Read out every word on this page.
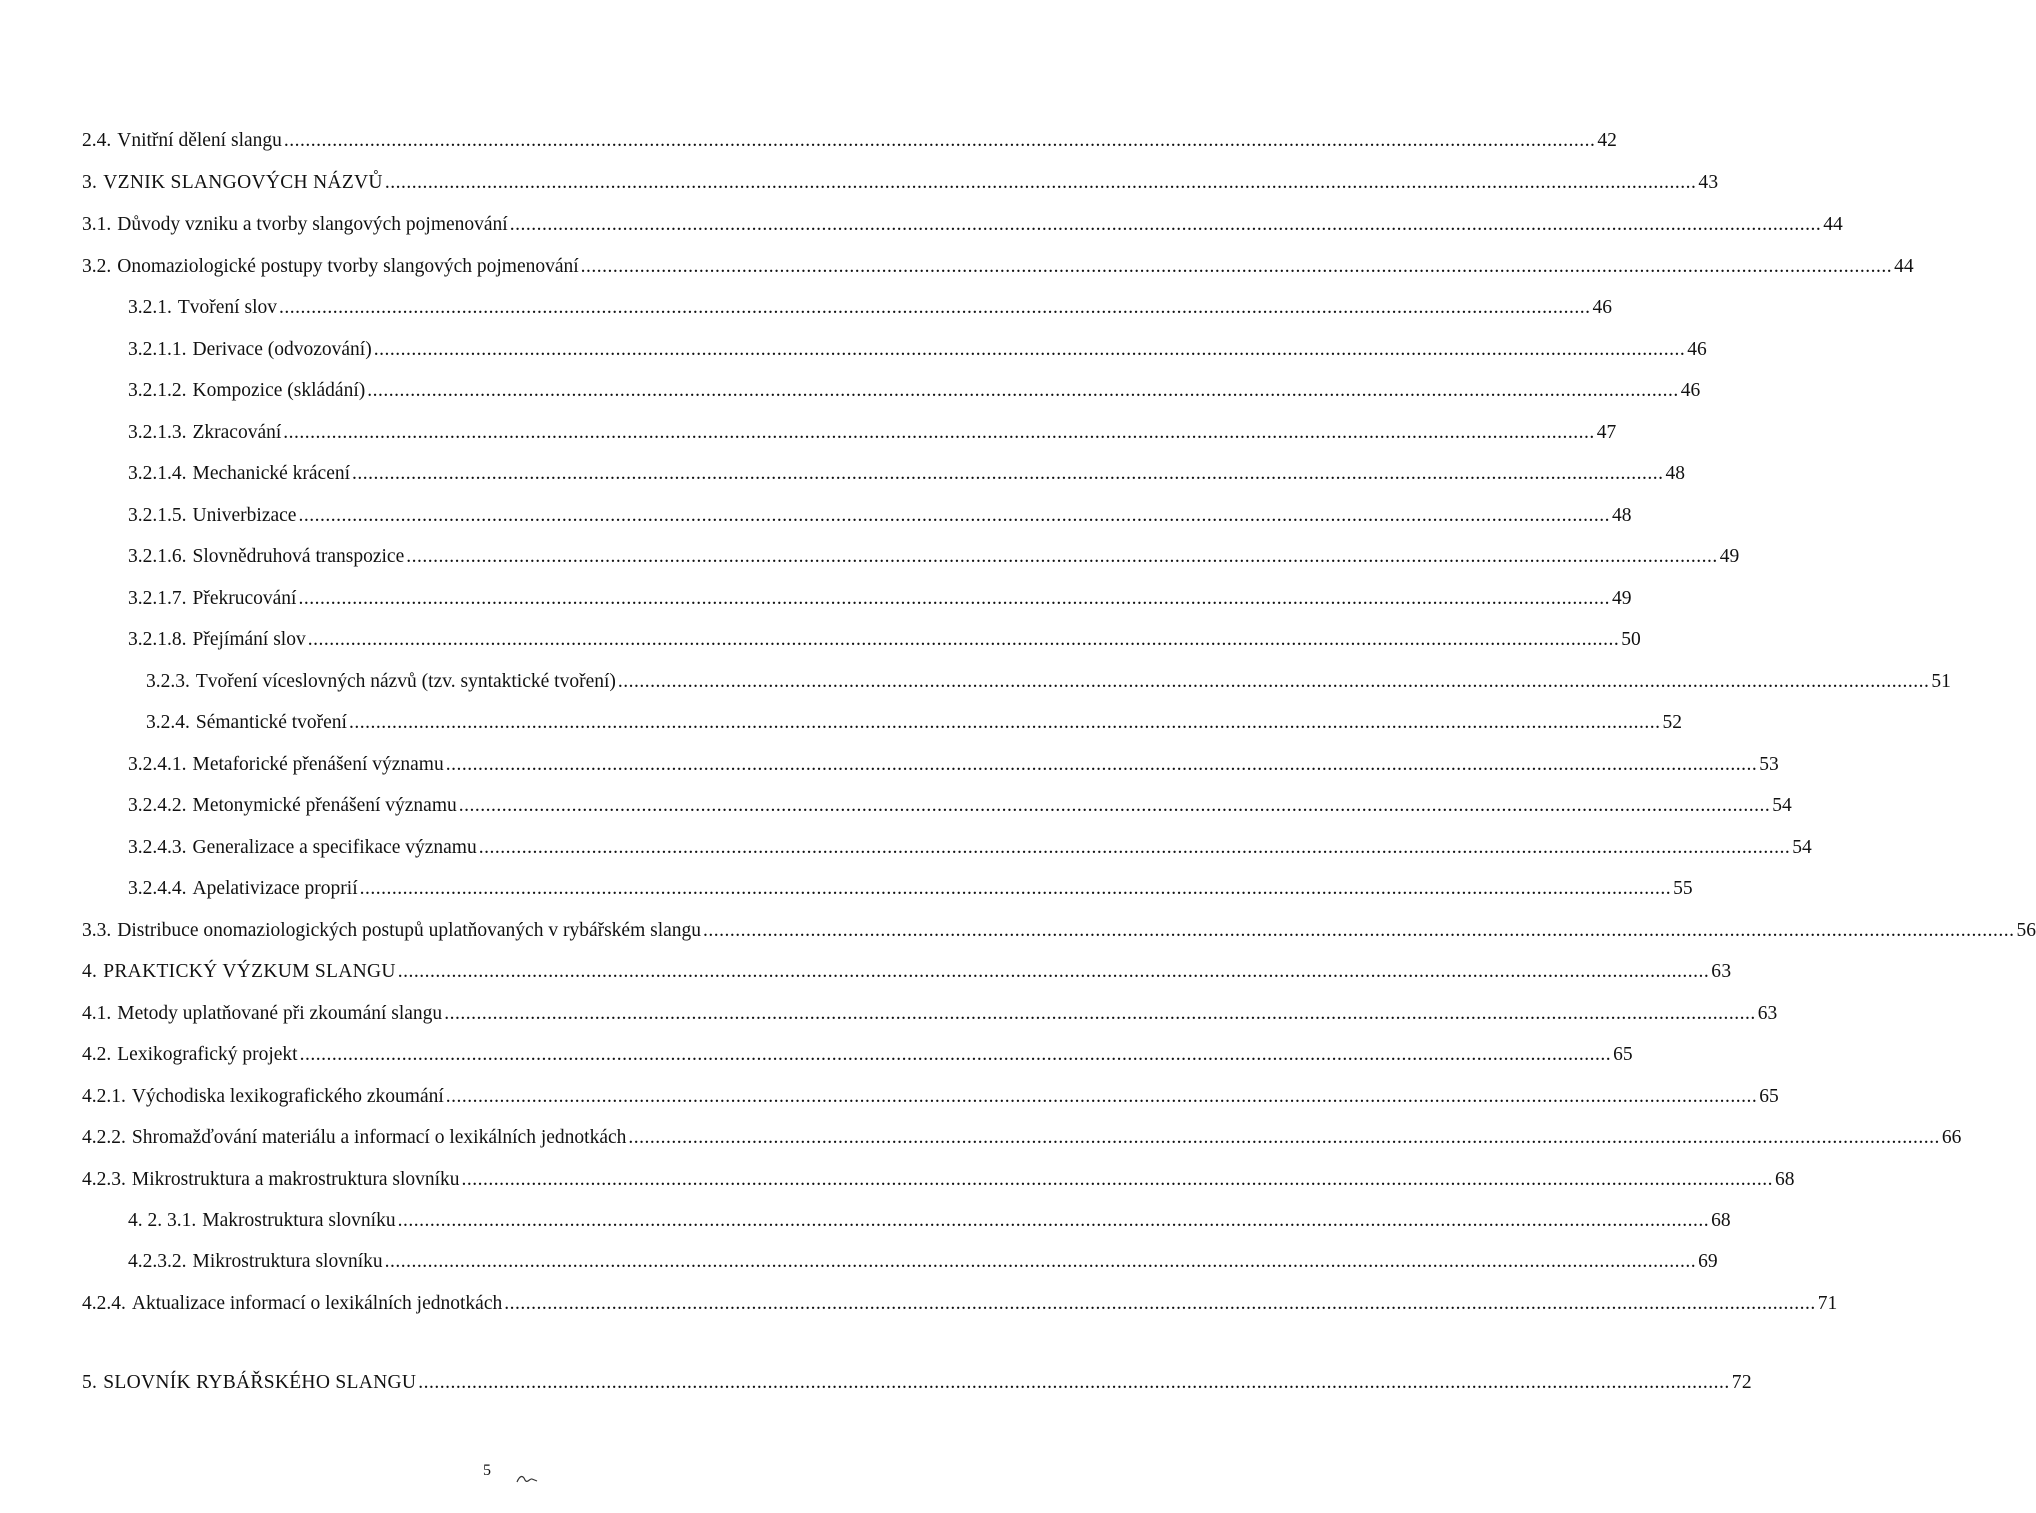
2.4. Vnitřní dělení slangu .....	42
3. VZNIK SLANGOVÝCH NÁZVŮ .....	43
3.1. Důvody vzniku a tvorby slangových pojmenování .....	44
3.2. Onomaziologické postupy tvorby slangových pojmenování .....	44
3.2.1. Tvoření slov .....	46
3.2.1.1. Derivace (odvozování) .....	46
3.2.1.2. Kompozice (skládání) .....	46
3.2.1.3. Zkracování .....	47
3.2.1.4. Mechanické krácení .....	48
3.2.1.5. Univerbizace .....	48
3.2.1.6. Slovnědruhová transpozice .....	49
3.2.1.7. Překrucování .....	49
3.2.1.8. Přejímání slov .....	50
3.2.3. Tvoření víceslovných názvů (tzv. syntaktické tvoření) .....	51
3.2.4. Sémantické tvoření .....	52
3.2.4.1. Metaforické přenášení významu .....	53
3.2.4.2. Metonymické přenášení významu .....	54
3.2.4.3. Generalizace a specifikace významu .....	54
3.2.4.4. Apelativizace proprií .....	55
3.3. Distribuce onomaziologických postupů uplatňovaných v rybářském slangu .....	56
4. PRAKTICKÝ VÝZKUM SLANGU .....	63
4.1. Metody uplatňované při zkoumání slangu .....	63
4.2. Lexikografický projekt .....	65
4.2.1. Východiska lexikografického zkoumání .....	65
4.2.2. Shromažďování materiálu a informací o lexikálních jednotkách .....	66
4.2.3. Mikrostruktura a makrostruktura slovníku .....	68
4. 2. 3.1. Makrostruktura slovníku .....	68
4.2.3.2. Mikrostruktura slovníku .....	69
4.2.4. Aktualizace informací o lexikálních jednotkách .....	71
5. SLOVNÍK RYBÁŘSKÉHO SLANGU .....	72
5
